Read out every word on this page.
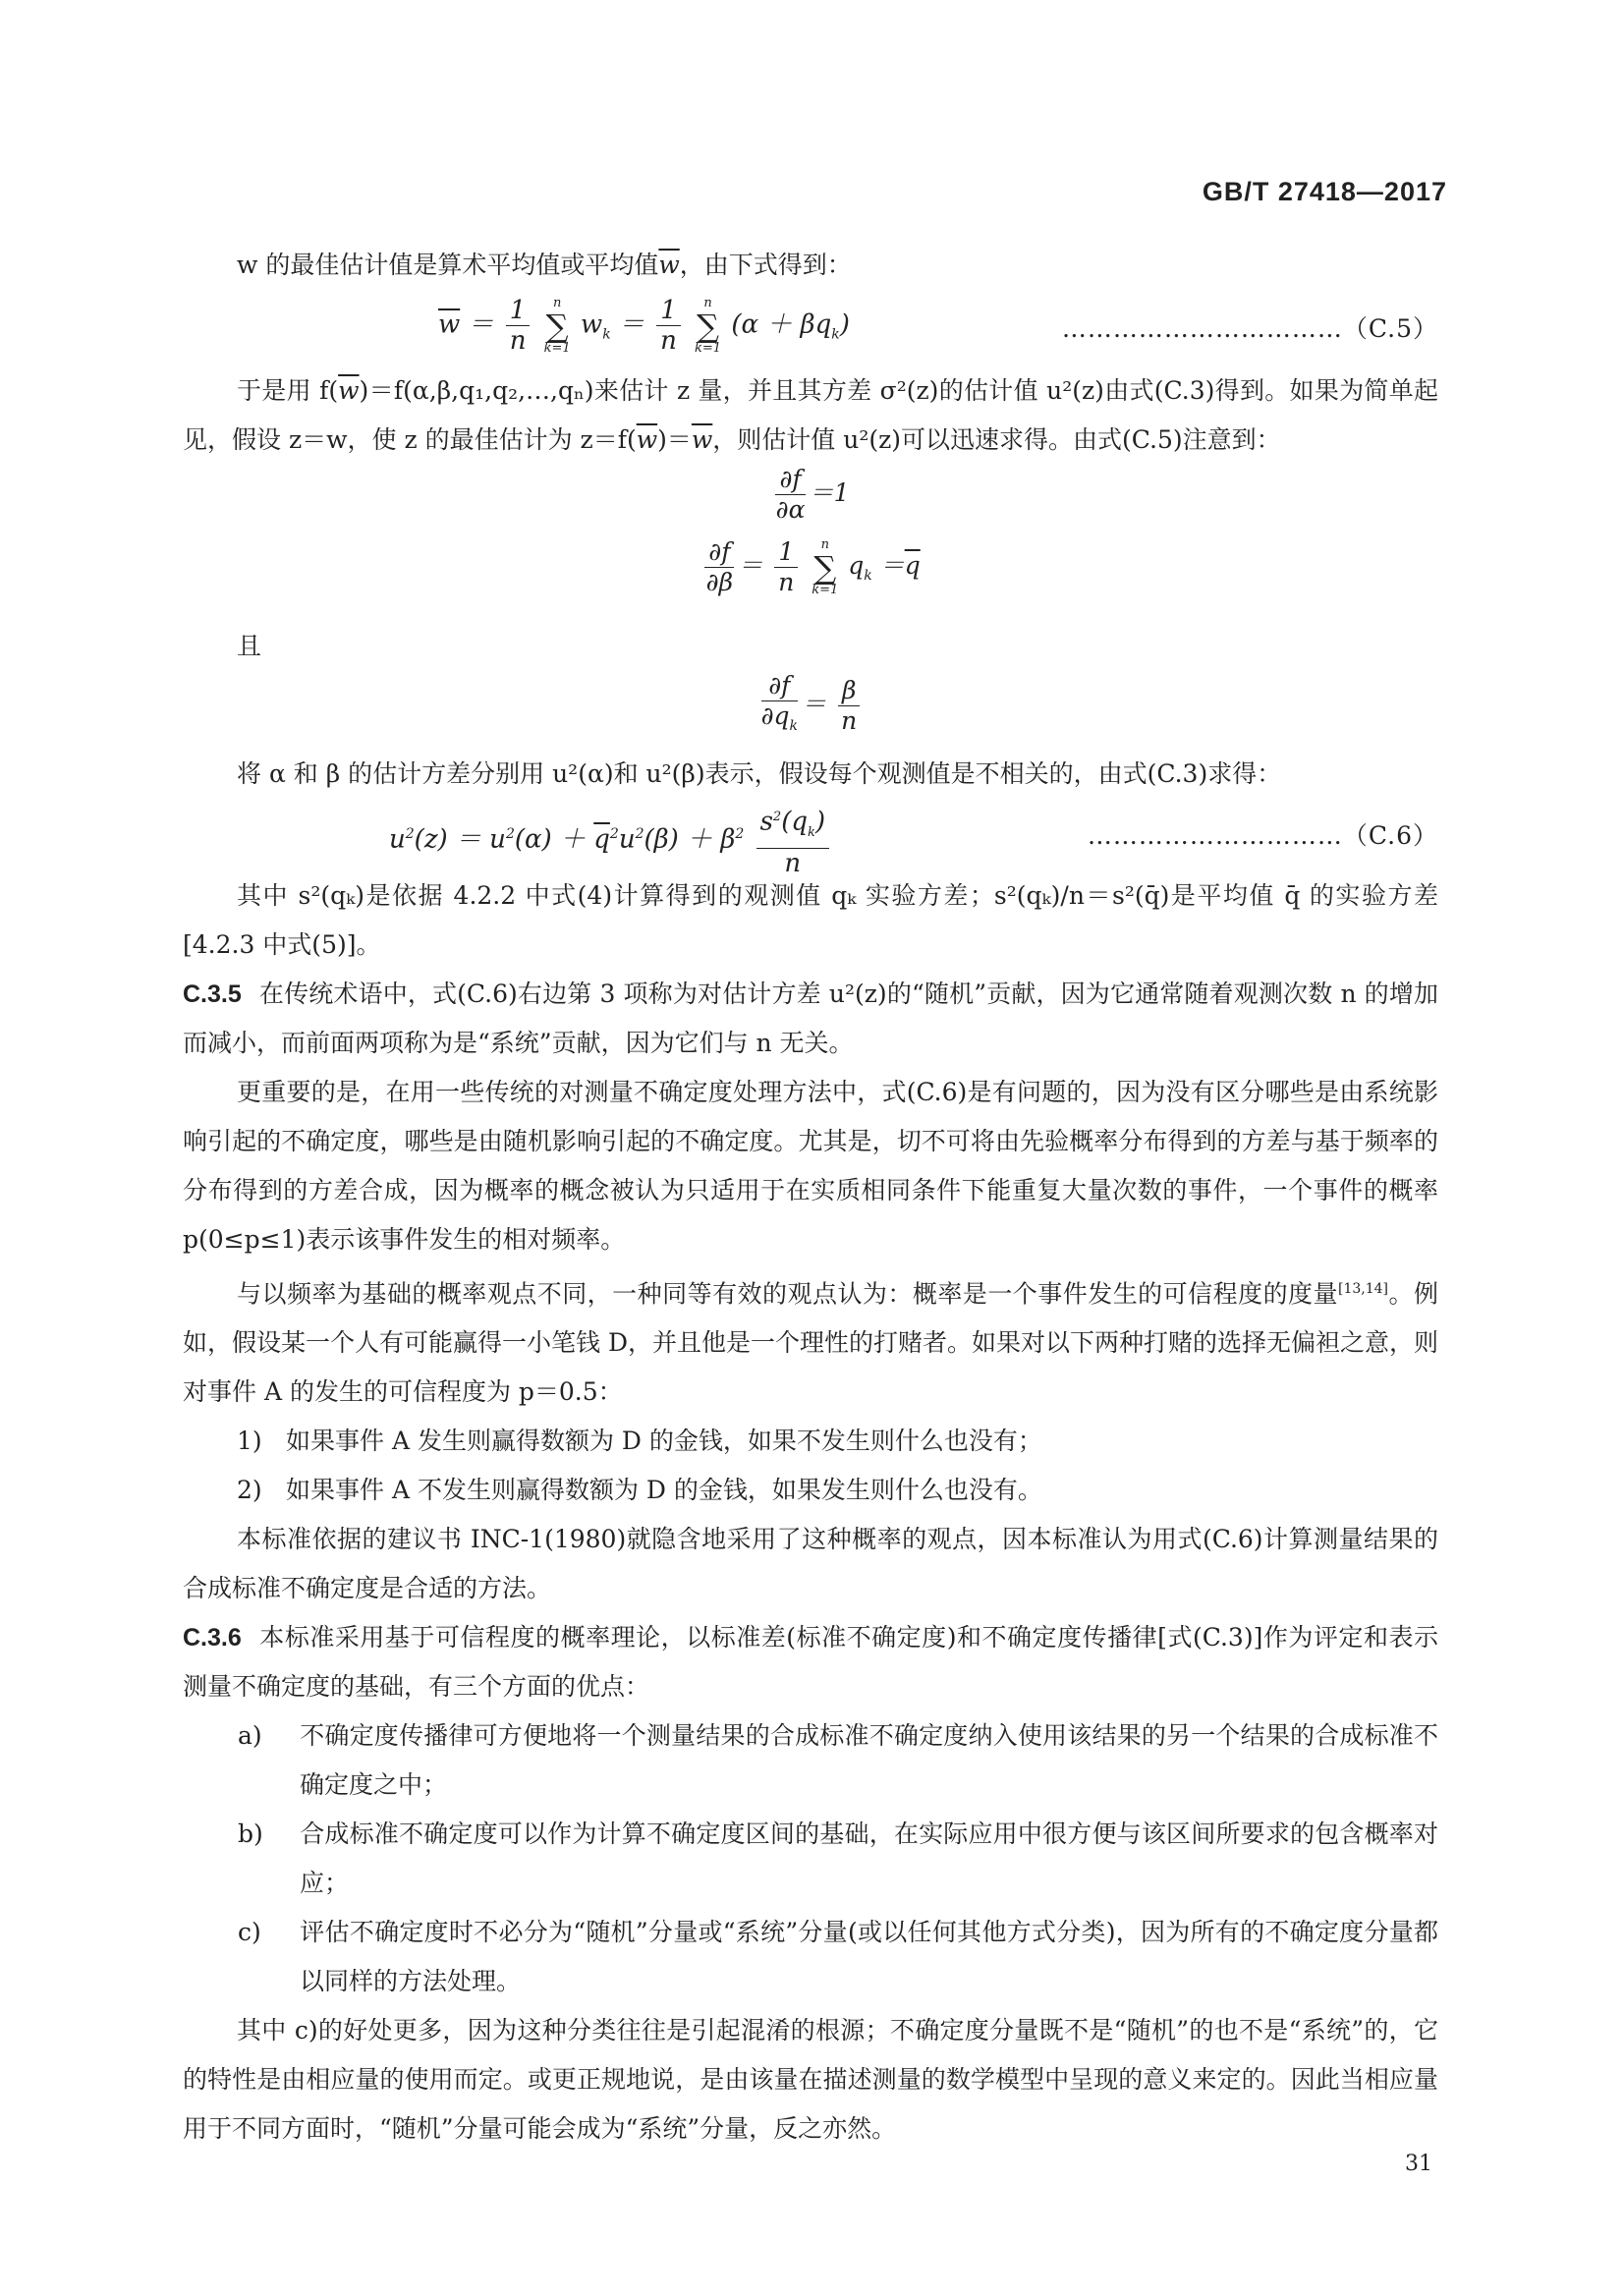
GB/T 27418—2017

w 的最佳估计值是算术平均值或平均值$\overline{w}$，由下式得到：

$\overline{w} = \frac{1}{n}$
	n
∑
k=1
$w_k = \frac{1}{n}$
	n
∑
k=1
$(\alpha + \beta q_k)$	……………………………（C.5）

于是用 $f(\overline{w})=f(\alpha,\beta,q_1,q_2,\dots,q_n)$来估计 z 量，并且其方差 σ²(z)的估计值 u²(z)由式(C.3)得到。如果为简单起见，假设 z＝w，使 z 的最佳估计为 $z=f(\overline{w})=\overline{w}$，则估计值 u²(z)可以迅速求得。由式(C.5)注意到：

$\frac{\partial f}{\partial\alpha} =1$
$\frac{\partial f}{\partial\beta} = \frac{1}{n}$
	n
∑
k=1
$q_k =\overline{q}$

且

$\frac{\partial f}{\partial q_k} = \frac{\beta}{n}$

将 α 和 β 的估计方差分别用 u²(α)和 u²(β)表示，假设每个观测值是不相关的，由式(C.3)求得：

$u^2(z) = u^2(\alpha) + \overline{q}^2u^2(\beta) + \beta^2 \frac{s^2(q_k)}{n}$	…………………………（C.6）

其中 s²(qₖ)是依据 4.2.2 中式(4)计算得到的观测值 qₖ 实验方差；s²(qₖ)/n＝s²(q̄)是平均值 q̄ 的实验方差[4.2.3 中式(5)]。

C.3.5 在传统术语中，式(C.6)右边第 3 项称为对估计方差 u²(z)的“随机”贡献，因为它通常随着观测次数 n 的增加而减小，而前面两项称为是“系统”贡献，因为它们与 n 无关。

更重要的是，在用一些传统的对测量不确定度处理方法中，式(C.6)是有问题的，因为没有区分哪些是由系统影响引起的不确定度，哪些是由随机影响引起的不确定度。尤其是，切不可将由先验概率分布得到的方差与基于频率的分布得到的方差合成，因为概率的概念被认为只适用于在实质相同条件下能重复大量次数的事件，一个事件的概率 p(0≤p≤1)表示该事件发生的相对频率。

与以频率为基础的概率观点不同，一种同等有效的观点认为：概率是一个事件发生的可信程度的度量[13,14]。例如，假设某一个人有可能赢得一小笔钱 D，并且他是一个理性的打赌者。如果对以下两种打赌的选择无偏袒之意，则对事件 A 的发生的可信程度为 p＝0.5：

1) 如果事件 A 发生则赢得数额为 D 的金钱，如果不发生则什么也没有；

2) 如果事件 A 不发生则赢得数额为 D 的金钱，如果发生则什么也没有。

本标准依据的建议书 INC-1(1980)就隐含地采用了这种概率的观点，因本标准认为用式(C.6)计算测量结果的合成标准不确定度是合适的方法。

C.3.6 本标准采用基于可信程度的概率理论，以标准差(标准不确定度)和不确定度传播律[式(C.3)]作为评定和表示测量不确定度的基础，有三个方面的优点：

a) 不确定度传播律可方便地将一个测量结果的合成标准不确定度纳入使用该结果的另一个结果的合成标准不确定度之中；

b) 合成标准不确定度可以作为计算不确定度区间的基础，在实际应用中很方便与该区间所要求的包含概率对应；

c) 评估不确定度时不必分为“随机”分量或“系统”分量(或以任何其他方式分类)，因为所有的不确定度分量都以同样的方法处理。

其中 c)的好处更多，因为这种分类往往是引起混淆的根源；不确定度分量既不是“随机”的也不是“系统”的，它的特性是由相应量的使用而定。或更正规地说，是由该量在描述测量的数学模型中呈现的意义来定的。因此当相应量用于不同方面时，“随机”分量可能会成为“系统”分量，反之亦然。

31
